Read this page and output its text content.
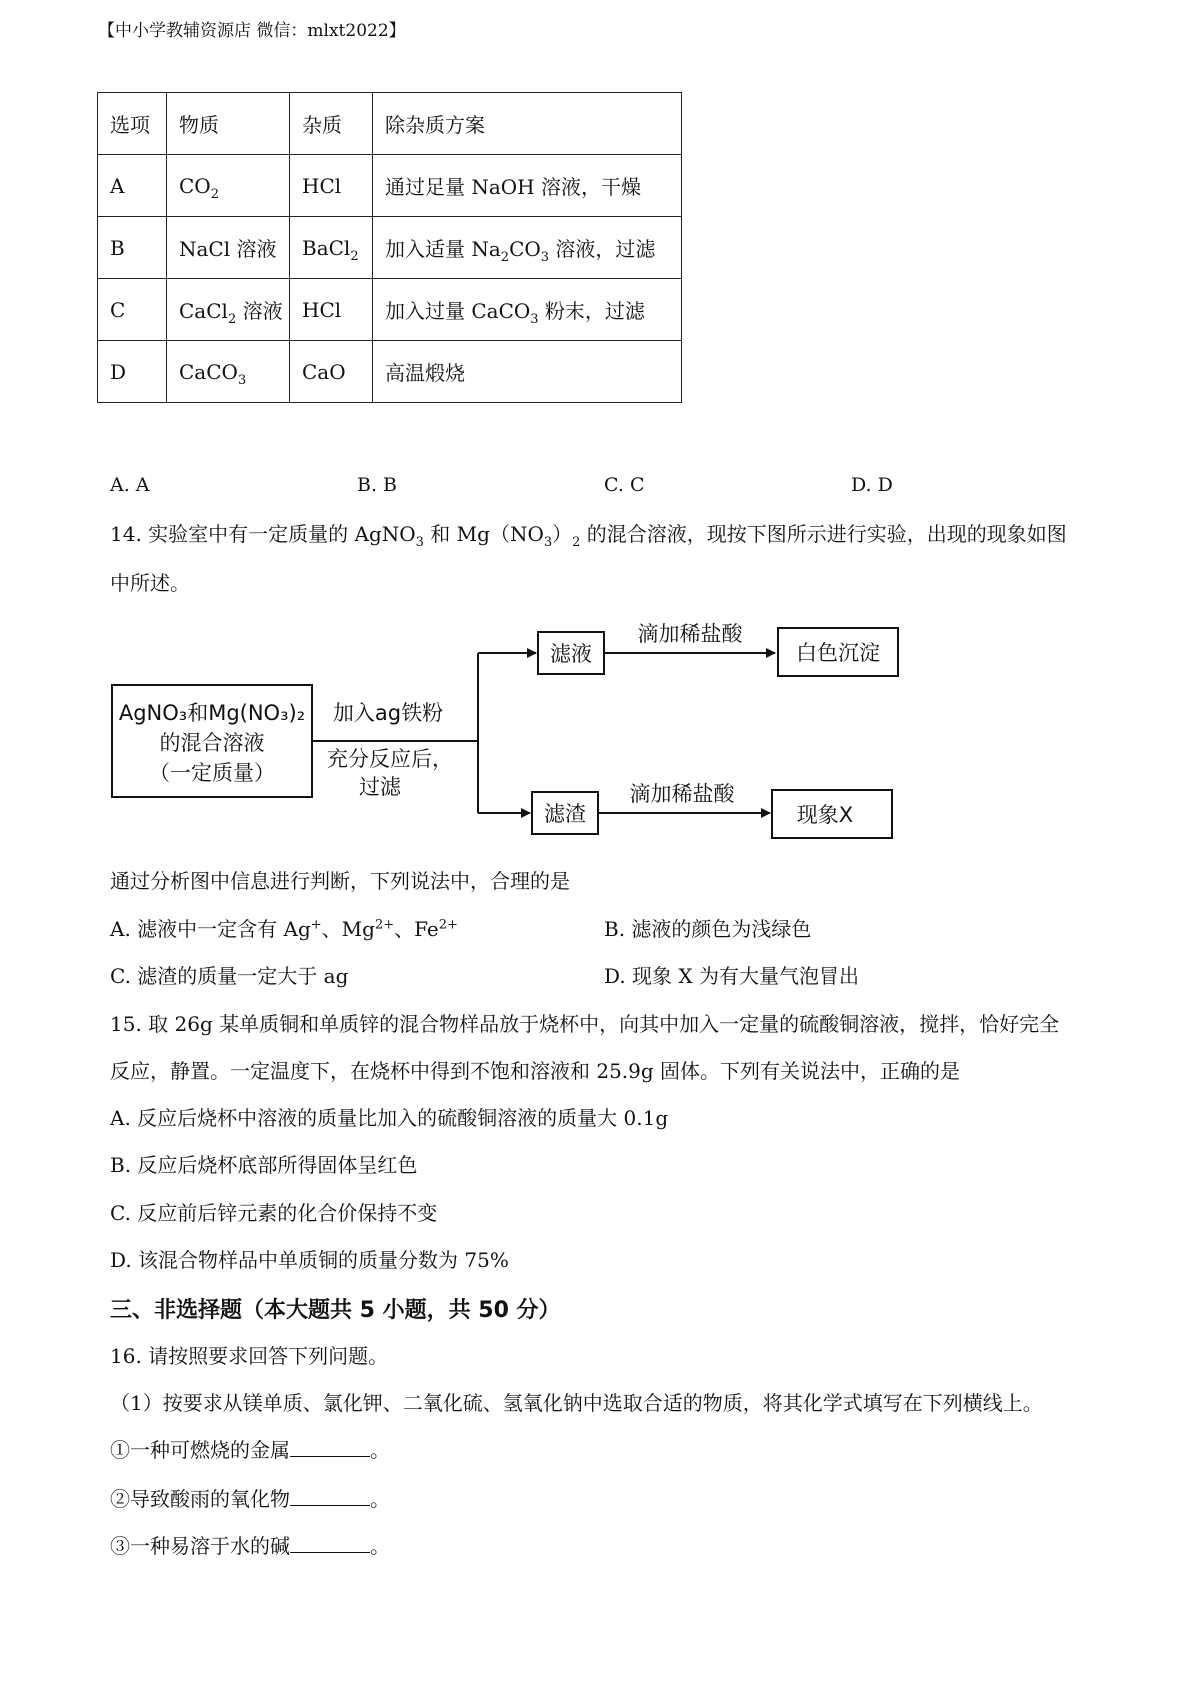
【中小学教辅资源店 微信：mlxt2022】
选项	物质	杂质	除杂质方案
A	$CO_2$	HCl	通过足量 NaOH 溶液，干燥
B	NaCl 溶液	BaCl$_2$	加入适量 $Na_2CO_3$ 溶液，过滤
C	CaCl$_2$ 溶液	HCl	加入过量 CaCO$_3$ 粉末，过滤
D	CaCO$_3$	CaO	高温煅烧
A. A	B. B	C. C	D. D
14. 实验室中有一定质量的 AgNO$_3$ 和 $Mg(NO_3)_2$ 的混合溶液，现按下图所示进行实验，出现的现象如图
中所述。
AgNO₃和Mg(NO₃)₂
的混合溶液
（一定质量）
加入ag铁粉
充分反应后，
过滤
滤液
滤渣
滴加稀盐酸
滴加稀盐酸
白色沉淀
现象X
通过分析图中信息进行判断，下列说法中，合理的是
A. 滤液中一定含有 Ag+、$Mg^{2+}$、$Fe^{2+}$	B. 滤液的颜色为浅绿色
C. 滤渣的质量一定大于 ag	D. 现象 X 为有大量气泡冒出
15. 取 26g 某单质铜和单质锌的混合物样品放于烧杯中，向其中加入一定量的硫酸铜溶液，搅拌，恰好完全
反应，静置。一定温度下，在烧杯中得到不饱和溶液和 25.9g 固体。下列有关说法中，正确的是
A. 反应后烧杯中溶液的质量比加入的硫酸铜溶液的质量大 0.1g
B. 反应后烧杯底部所得固体呈红色
C. 反应前后锌元素的化合价保持不变
D. 该混合物样品中单质铜的质量分数为 75%
三、非选择题（本大题共 5 小题，共 50 分）
16. 请按照要求回答下列问题。
（1）按要求从镁单质、氯化钾、二氧化硫、氢氧化钠中选取合适的物质，将其化学式填写在下列横线上。
①一种可燃烧的金属	。
②导致酸雨的氧化物	。
③一种易溶于水的碱	。
